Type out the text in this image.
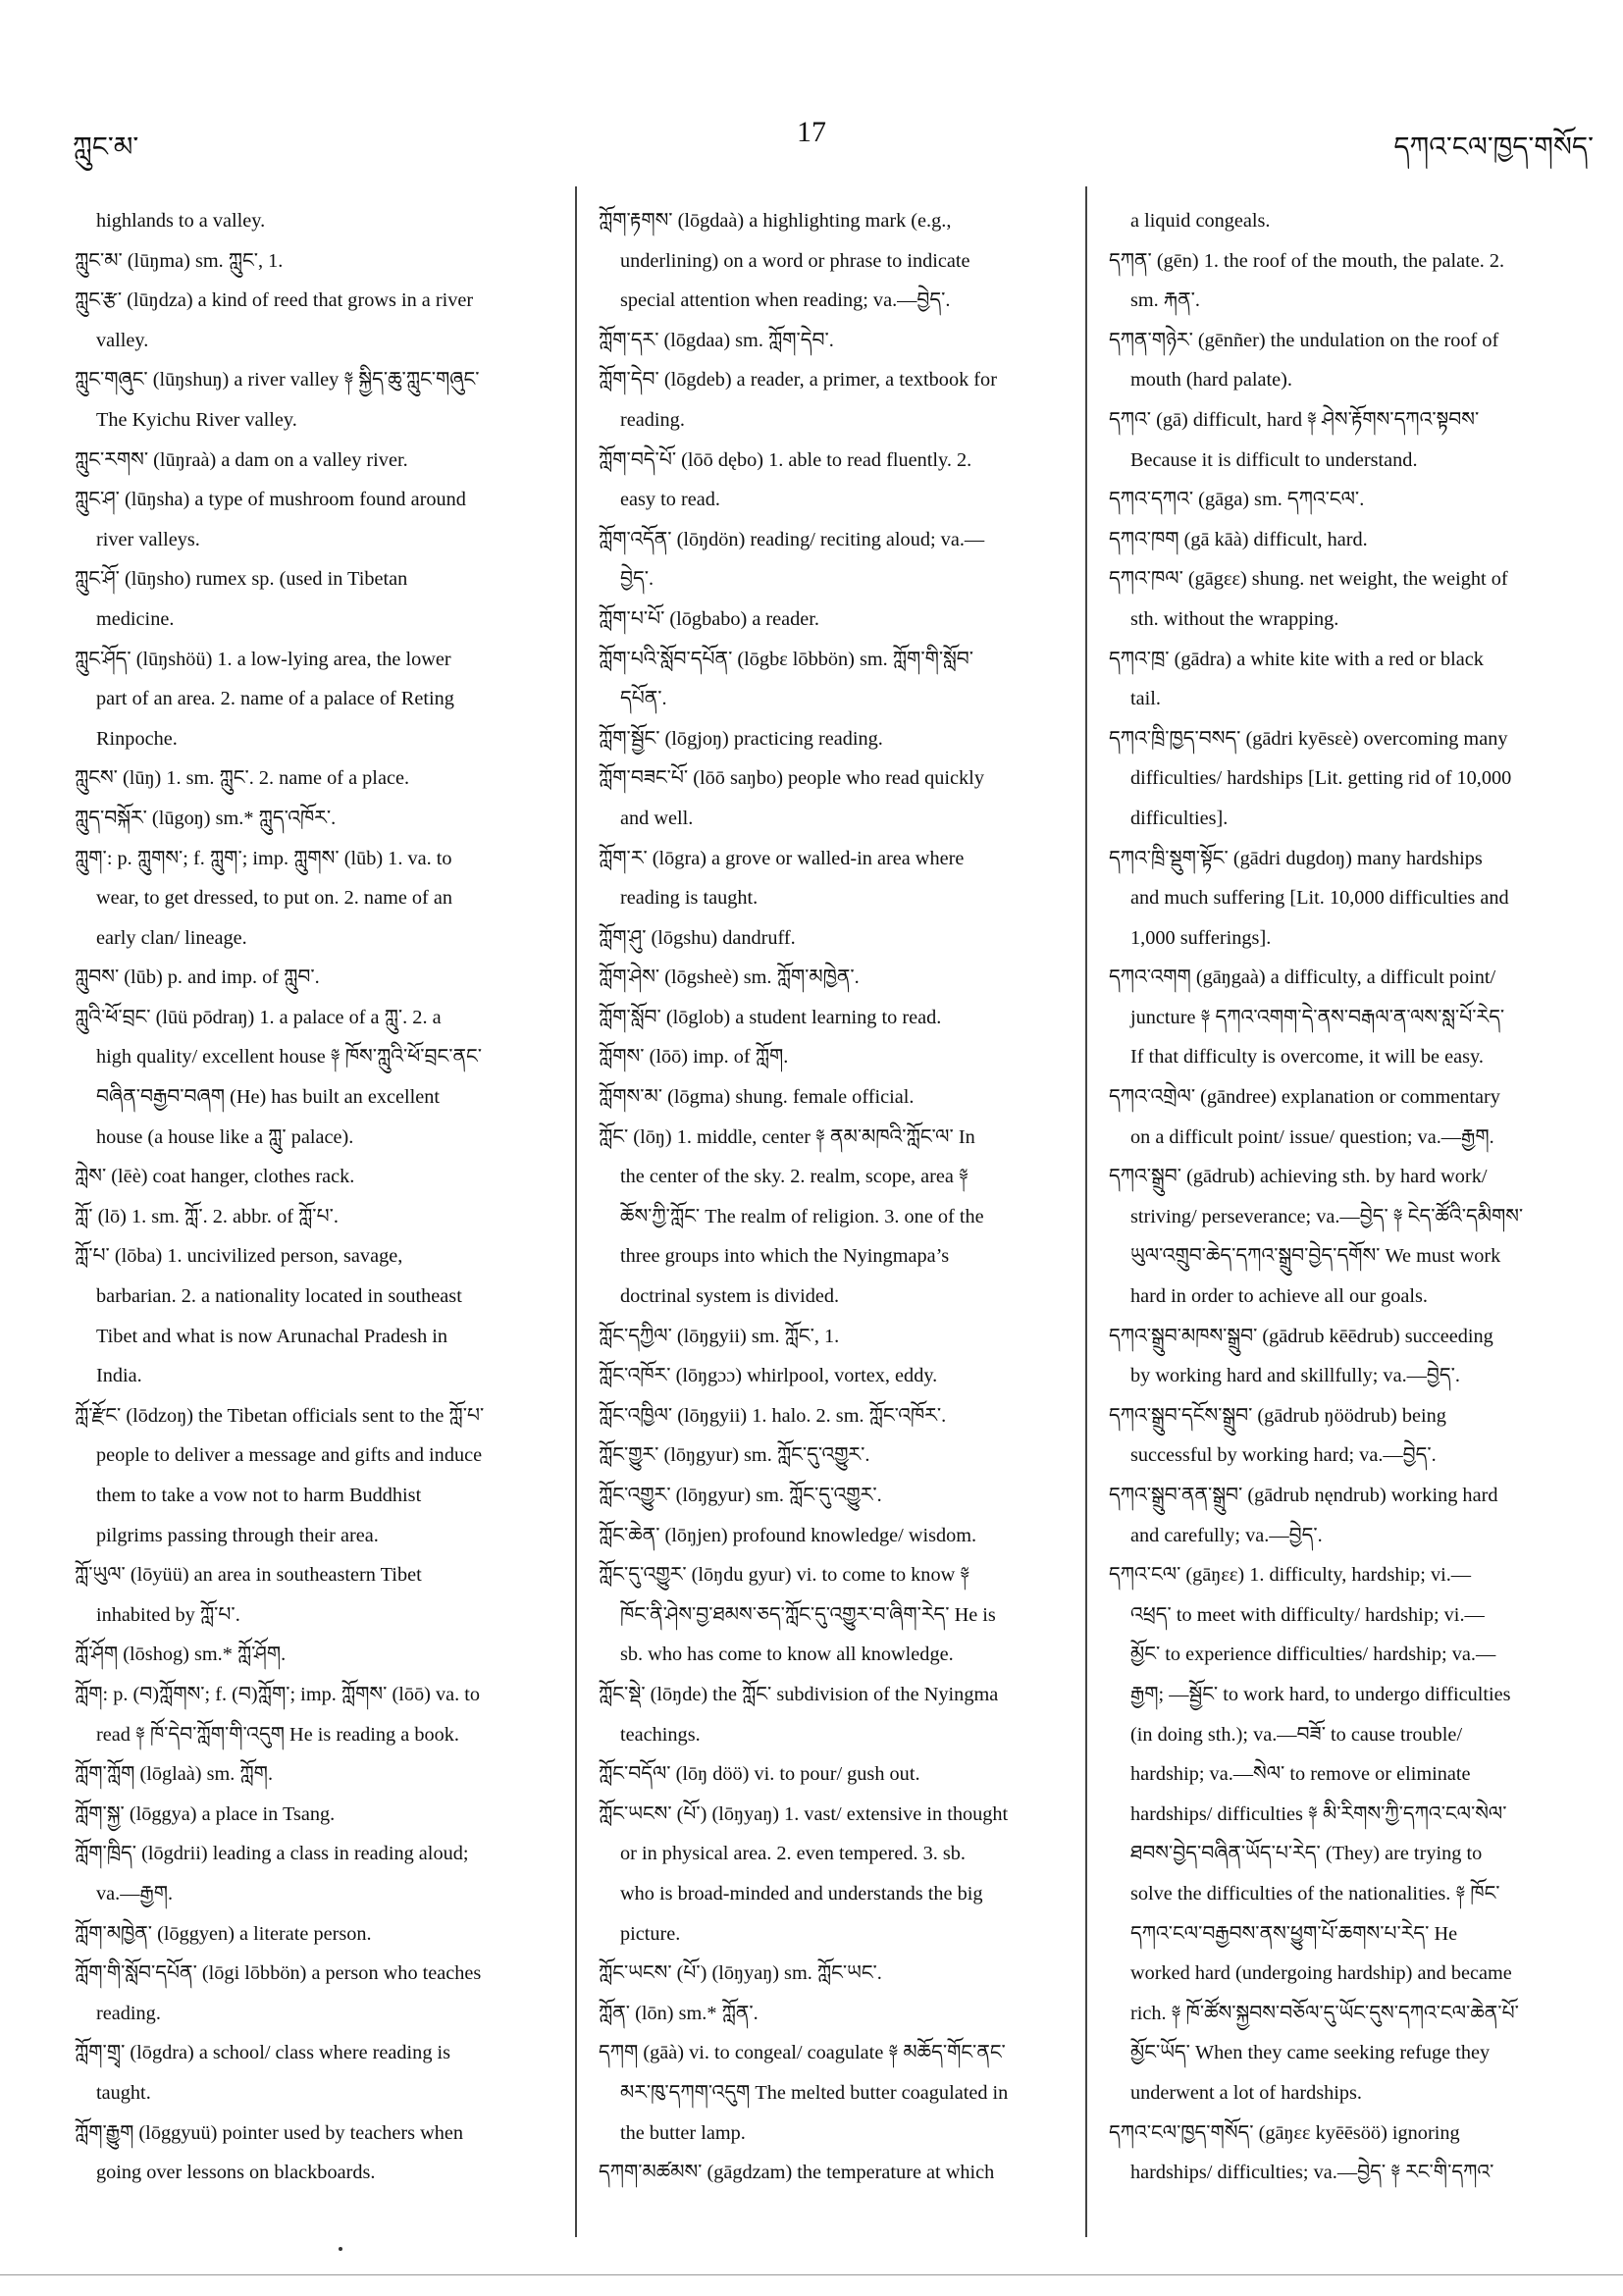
ཀླུང་མ་	17	དཀའ་ངལ་ཁྱད་གསོད་
highlands to a valley.
ཀླུང་མ་ (lūŋma) sm. ཀླུང་, 1.
ཀླུང་རྩ་ (lūŋdza) a kind of reed that grows in a river
valley.
ཀླུང་གཞུང་ (lūŋshuŋ) a river valley ༈ སྐྱིད་ཆུ་ཀླུང་གཞུང་
The Kyichu River valley.
ཀླུང་རགས་ (lūŋraà) a dam on a valley river.
ཀླུང་ཤ་ (lūŋsha) a type of mushroom found around
river valleys.
ཀླུང་ཤོ་ (lūŋsho) rumex sp. (used in Tibetan
medicine.
ཀླུང་ཤོད་ (lūŋshöü) 1. a low-lying area, the lower
part of an area. 2. name of a palace of Reting
Rinpoche.
ཀླུངས་ (lūŋ) 1. sm. ཀླུང་. 2. name of a place.
ཀླུད་བསྐོར་ (lūgoŋ) sm.* ཀླུད་འཁོར་.
ཀླུག་: p. ཀླུགས་; f. ཀླུག་; imp. ཀླུགས་ (lūb) 1. va. to
wear, to get dressed, to put on. 2. name of an
early clan/ lineage.
ཀླུབས་ (lūb) p. and imp. of ཀླུབ་.
ཀླུའི་ཕོ་བྲང་ (lūü pōdraŋ) 1. a palace of a ཀླུ་. 2. a
high quality/ excellent house ༈ ཁོས་ཀླུའི་ཕོ་བྲང་ནང་
བཞིན་བརྒྱབ་བཞག (He) has built an excellent
house (a house like a ཀླུ་ palace).
ཀླེས་ (lēè) coat hanger, clothes rack.
ཀློ་ (lō) 1. sm. ཀློ་. 2. abbr. of ཀློ་པ་.
ཀློ་པ་ (lōba) 1. uncivilized person, savage,
barbarian. 2. a nationality located in southeast
Tibet and what is now Arunachal Pradesh in
India.
ཀློ་རྫོང་ (lōdzoŋ) the Tibetan officials sent to the ཀློ་པ་
people to deliver a message and gifts and induce
them to take a vow not to harm Buddhist
pilgrims passing through their area.
ཀློ་ཡུལ་ (lōyüü) an area in southeastern Tibet
inhabited by ཀློ་པ་.
ཀློ་ཤོག (lōshog) sm.* ཀློ་ཤོག.
ཀློག: p. (བ)ཀློགས་; f. (བ)ཀློག་; imp. ཀློགས་ (lōō) va. to
read ༈ ཁོ་དེབ་ཀློག་གི་འདུག He is reading a book.
ཀློག་ཀློག (lōglaà) sm. ཀློག.
ཀློག་སྐྱ་ (lōggya) a place in Tsang.
ཀློག་ཁྲིད་ (lōgdrii) leading a class in reading aloud;
va.—རྒྱག.
ཀློག་མཁྱེན་ (lōggyen) a literate person.
ཀློག་གི་སློབ་དཔོན་ (lōgi lōbbön) a person who teaches
reading.
ཀློག་གྲྭ་ (lōgdra) a school/ class where reading is
taught.
ཀློག་རྒྱུག (lōggyuü) pointer used by teachers when
going over lessons on blackboards.
ཀློག་རྟགས་ (lōgdaà) a highlighting mark (e.g.,
underlining) on a word or phrase to indicate
special attention when reading; va.—བྱེད་.
ཀློག་དར་ (lōgdaa) sm. ཀློག་དེབ་.
ཀློག་དེབ་ (lōgdeb) a reader, a primer, a textbook for
reading.
ཀློག་བདེ་པོ་ (lōō dębo) 1. able to read fluently. 2.
easy to read.
ཀློག་འདོན་ (lōŋdön) reading/ reciting aloud; va.—
བྱེད་.
ཀློག་པ་པོ་ (lōgbabo) a reader.
ཀློག་པའི་སློབ་དཔོན་ (lōgbɛ lōbbön) sm. ཀློག་གི་སློབ་
དཔོན་.
ཀློག་སྦྱོང་ (lōgjoŋ) practicing reading.
ཀློག་བཟང་པོ་ (lōō saŋbo) people who read quickly
and well.
ཀློག་ར་ (lōgra) a grove or walled-in area where
reading is taught.
ཀློག་ཤུ་ (lōgshu) dandruff.
ཀློག་ཤེས་ (lōgsheè) sm. ཀློག་མཁྱེན་.
ཀློག་སློབ་ (lōglob) a student learning to read.
ཀློགས་ (lōō) imp. of ཀློག.
ཀློགས་མ་ (lōgma) shung. female official.
ཀློང་ (lōŋ) 1. middle, center ༈ ནམ་མཁའི་ཀློང་ལ་ In
the center of the sky. 2. realm, scope, area ༈
ཆོས་ཀྱི་ཀློང་ The realm of religion. 3. one of the
three groups into which the Nyingmapa’s
doctrinal system is divided.
ཀློང་དཀྱིལ་ (lōŋgyii) sm. ཀློང་, 1.
ཀློང་འཁོར་ (lōŋgɔɔ) whirlpool, vortex, eddy.
ཀློང་འཁྱིལ་ (lōŋgyii) 1. halo. 2. sm. ཀློང་འཁོར་.
ཀློང་གྱུར་ (lōŋgyur) sm. ཀློང་དུ་འགྱུར་.
ཀློང་འགྱུར་ (lōŋgyur) sm. ཀློང་དུ་འགྱུར་.
ཀློང་ཆེན་ (lōŋjen) profound knowledge/ wisdom.
ཀློང་དུ་འགྱུར་ (lōŋdu gyur) vi. to come to know ༈
ཁོང་ནི་ཤེས་བྱ་ཐམས་ཅད་ཀློང་དུ་འགྱུར་བ་ཞིག་རེད་ He is
sb. who has come to know all knowledge.
ཀློང་སྡེ་ (lōŋde) the ཀློང་ subdivision of the Nyingma
teachings.
ཀློང་བདོལ་ (lōŋ döö) vi. to pour/ gush out.
ཀློང་ཡངས་ (པོ་) (lōŋyaŋ) 1. vast/ extensive in thought
or in physical area. 2. even tempered. 3. sb.
who is broad-minded and understands the big
picture.
ཀློང་ཡངས་ (པོ་) (lōŋyaŋ) sm. ཀློང་ཡང་.
ཀློན་ (lōn) sm.* ཀློན་.
དཀག (gāà) vi. to congeal/ coagulate ༈ མཆོད་གོང་ནང་
མར་ཁུ་དཀག་འདུག The melted butter coagulated in
the butter lamp.
དཀག་མཚམས་ (gāgdzam) the temperature at which
a liquid congeals.
དཀན་ (gēn) 1. the roof of the mouth, the palate. 2.
sm. རྐན་.
དཀན་གཉེར་ (gēnñer) the undulation on the roof of
mouth (hard palate).
དཀའ་ (gā) difficult, hard ༈ ཤེས་རྟོགས་དཀའ་སྟབས་
Because it is difficult to understand.
དཀའ་དཀའ་ (gāga) sm. དཀའ་ངལ་.
དཀའ་ཁག (gā kāà) difficult, hard.
དཀའ་ཁལ་ (gāgɛɛ) shung. net weight, the weight of
sth. without the wrapping.
དཀའ་ཁྲ་ (gādra) a white kite with a red or black
tail.
དཀའ་ཁྲི་ཁྱད་བསད་ (gādri kyēsɛè) overcoming many
difficulties/ hardships [Lit. getting rid of 10,000
difficulties].
དཀའ་ཁྲི་སྡུག་སྟོང་ (gādri dugdoŋ) many hardships
and much suffering [Lit. 10,000 difficulties and
1,000 sufferings].
དཀའ་འགག (gāŋgaà) a difficulty, a difficult point/
juncture ༈ དཀའ་འགག་དེ་ནས་བརྒལ་ན་ལས་སླ་པོ་རེད་
If that difficulty is overcome, it will be easy.
དཀའ་འགྲེལ་ (gāndree) explanation or commentary
on a difficult point/ issue/ question; va.—རྒྱག.
དཀའ་སྒྲུབ་ (gādrub) achieving sth. by hard work/
striving/ perseverance; va.—བྱེད་ ༈ ངེད་ཚོའི་དམིགས་
ཡུལ་འགྲུབ་ཆེད་དཀའ་སྒྲུབ་བྱེད་དགོས་ We must work
hard in order to achieve all our goals.
དཀའ་སྒྲུབ་མཁས་སྒྲུབ་ (gādrub kēēdrub) succeeding
by working hard and skillfully; va.—བྱེད་.
དཀའ་སྒྲུབ་དངོས་སྒྲུབ་ (gādrub ŋöödrub) being
successful by working hard; va.—བྱེད་.
དཀའ་སྒྲུབ་ནན་སྒྲུབ་ (gādrub nęndrub) working hard
and carefully; va.—བྱེད་.
དཀའ་ངལ་ (gāŋɛɛ) 1. difficulty, hardship; vi.—
འཕྲད་ to meet with difficulty/ hardship; vi.—
མྱོང་ to experience difficulties/ hardship; va.—
རྒྱག; —སྦྱོང་ to work hard, to undergo difficulties
(in doing sth.); va.—བཟོ་ to cause trouble/
hardship; va.—སེལ་ to remove or eliminate
hardships/ difficulties ༈ མི་རིགས་ཀྱི་དཀའ་ངལ་སེལ་
ཐབས་བྱེད་བཞིན་ཡོད་པ་རེད་ (They) are trying to
solve the difficulties of the nationalities. ༈ ཁོང་
དཀའ་ངལ་བརྒྱབས་ནས་ཕྱུག་པོ་ཆགས་པ་རེད་ He
worked hard (undergoing hardship) and became
rich. ༈ ཁོ་ཚོས་སྐྱབས་བཅོལ་དུ་ཡོང་དུས་དཀའ་ངལ་ཆེན་པོ་
མྱོང་ཡོད་ When they came seeking refuge they
underwent a lot of hardships.
དཀའ་ངལ་ཁྱད་གསོད་ (gāŋɛɛ kyēēsöö) ignoring
hardships/ difficulties; va.—བྱེད་ ༈ རང་གི་དཀའ་
